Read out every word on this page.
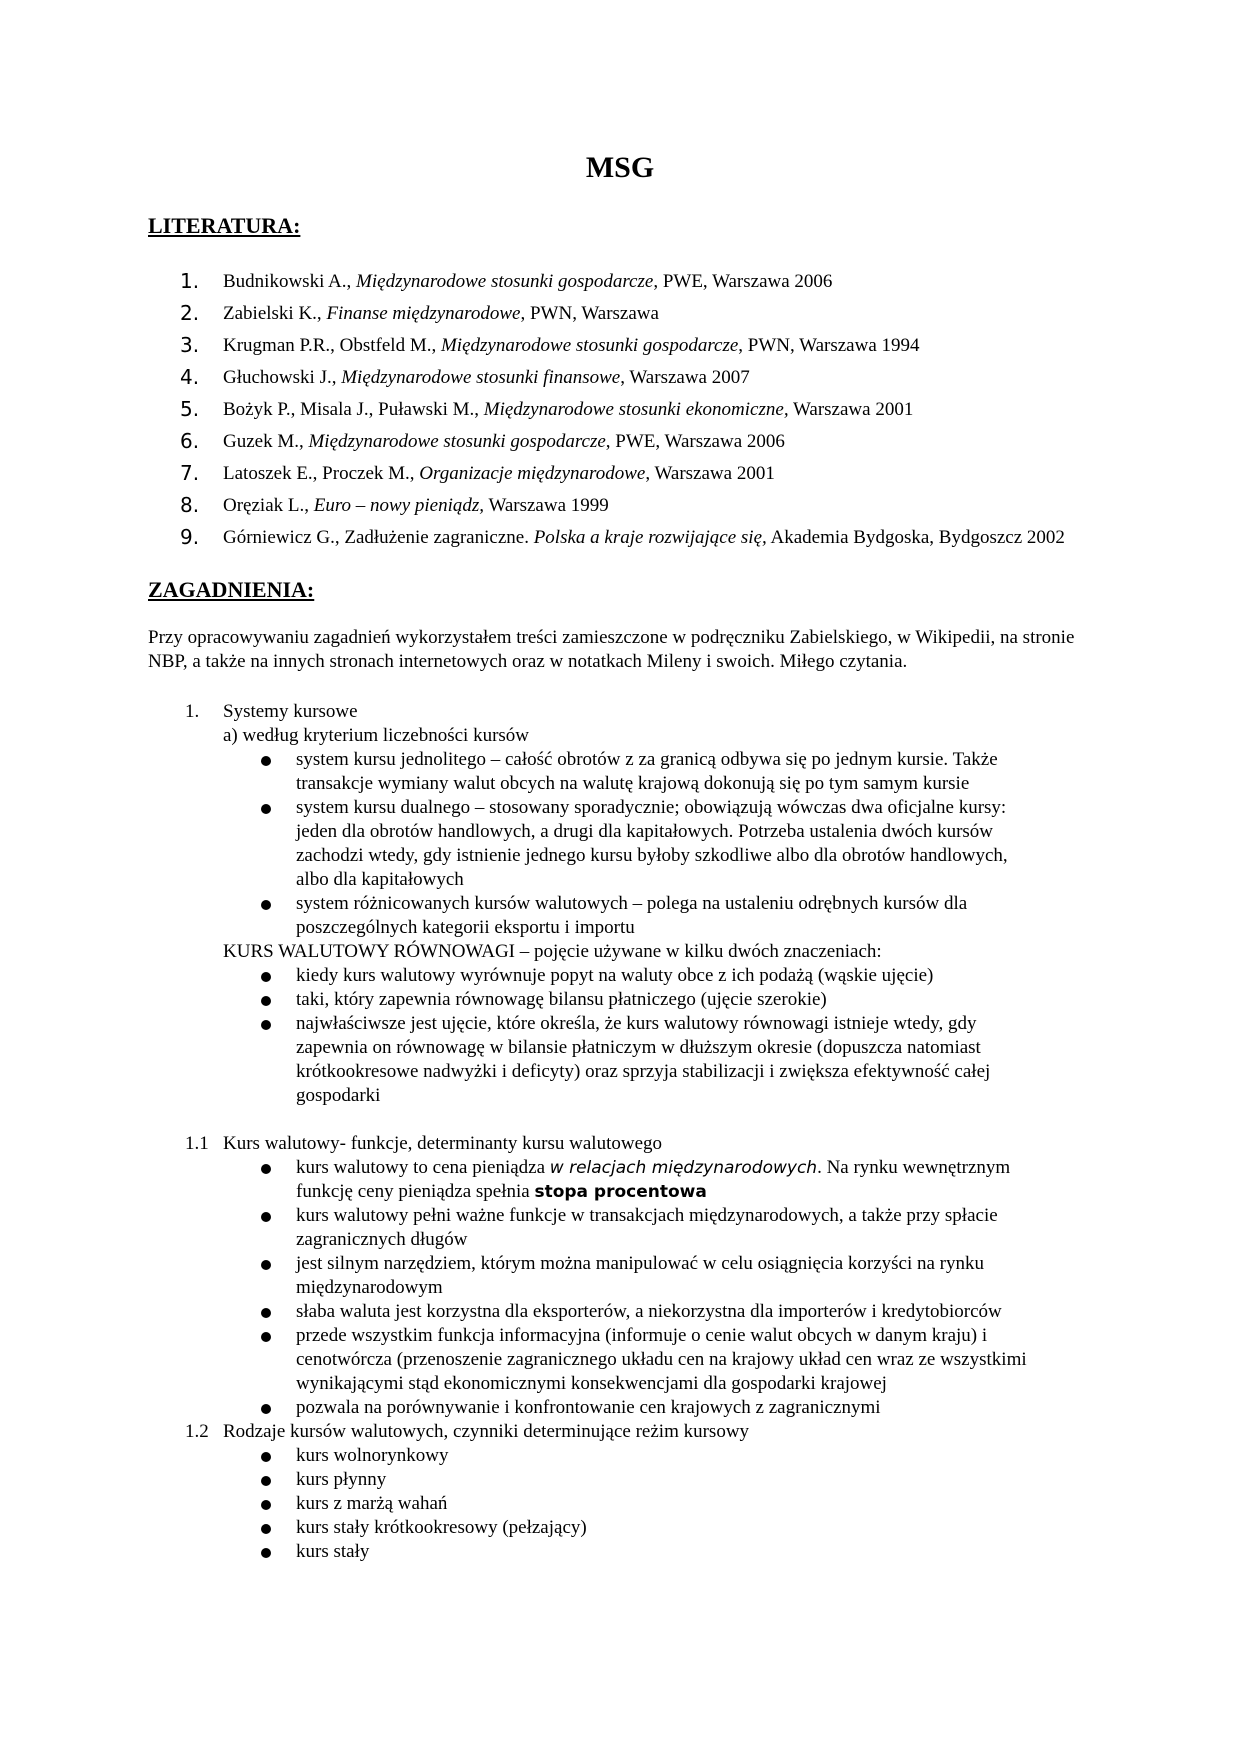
MSG
LITERATURA:
1. Budnikowski A., Międzynarodowe stosunki gospodarcze, PWE, Warszawa 2006
2. Zabielski K., Finanse międzynarodowe, PWN, Warszawa
3. Krugman P.R., Obstfeld M., Międzynarodowe stosunki gospodarcze, PWN, Warszawa 1994
4. Głuchowski J., Międzynarodowe stosunki finansowe, Warszawa 2007
5. Bożyk P., Misala J., Puławski M., Międzynarodowe stosunki ekonomiczne, Warszawa 2001
6. Guzek M., Międzynarodowe stosunki gospodarcze, PWE, Warszawa 2006
7. Latoszek E., Proczek M., Organizacje międzynarodowe, Warszawa 2001
8. Oręziak L., Euro – nowy pieniądz, Warszawa 1999
9. Górniewicz G., Zadłużenie zagraniczne. Polska a kraje rozwijające się, Akademia Bydgoska, Bydgoszcz 2002
ZAGADNIENIA:
Przy opracowywaniu zagadnień wykorzystałem treści zamieszczone w podręczniku Zabielskiego, w Wikipedii, na stronie NBP, a także na innych stronach internetowych oraz w notatkach Mileny i swoich. Miłego czytania.
1. Systemy kursowe
a) według kryterium liczebności kursów
system kursu jednolitego – całość obrotów z za granicą odbywa się po jednym kursie. Także transakcje wymiany walut obcych na walutę krajową dokonują się po tym samym kursie
system kursu dualnego – stosowany sporadycznie; obowiązują wówczas dwa oficjalne kursy: jeden dla obrotów handlowych, a drugi dla kapitałowych. Potrzeba ustalenia dwóch kursów zachodzi wtedy, gdy istnienie jednego kursu byłoby szkodliwe albo dla obrotów handlowych, albo dla kapitałowych
system różnicowanych kursów walutowych – polega na ustaleniu odrębnych kursów dla poszczególnych kategorii eksportu i importu
KURS WALUTOWY RÓWNOWAGI – pojęcie używane w kilku dwóch znaczeniach:
kiedy kurs walutowy wyrównuje popyt na waluty obce z ich podażą (wąskie ujęcie)
taki, który zapewnia równowagę bilansu płatniczego (ujęcie szerokie)
najwłaściwsze jest ujęcie, które określa, że kurs walutowy równowagi istnieje wtedy, gdy zapewnia on równowagę w bilansie płatniczym w dłuższym okresie (dopuszcza natomiast krótkookresowe nadwyżki i deficyty) oraz sprzyja stabilizacji i zwiększa efektywność całej gospodarki
1.1 Kurs walutowy- funkcje, determinanty kursu walutowego
kurs walutowy to cena pieniądza w relacjach międzynarodowych. Na rynku wewnętrznym funkcję ceny pieniądza spełnia stopa procentowa
kurs walutowy pełni ważne funkcje w transakcjach międzynarodowych, a także przy spłacie zagranicznych długów
jest silnym narzędziem, którym można manipulować w celu osiągnięcia korzyści na rynku międzynarodowym
słaba waluta jest korzystna dla eksporterów, a niekorzystna dla importerów i kredytobiorców
przede wszystkim funkcja informacyjna (informuje o cenie walut obcych w danym kraju) i cenotwórcza (przenoszenie zagranicznego układu cen na krajowy układ cen wraz ze wszystkimi wynikającymi stąd ekonomicznymi konsekwencjami dla gospodarki krajowej
pozwala na porównywanie i konfrontowanie cen krajowych z zagranicznymi
1.2 Rodzaje kursów walutowych, czynniki determinujące reżim kursowy
kurs wolnorynkowy
kurs płynny
kurs z marżą wahań
kurs stały krótkookresowy (pełzający)
kurs stały
